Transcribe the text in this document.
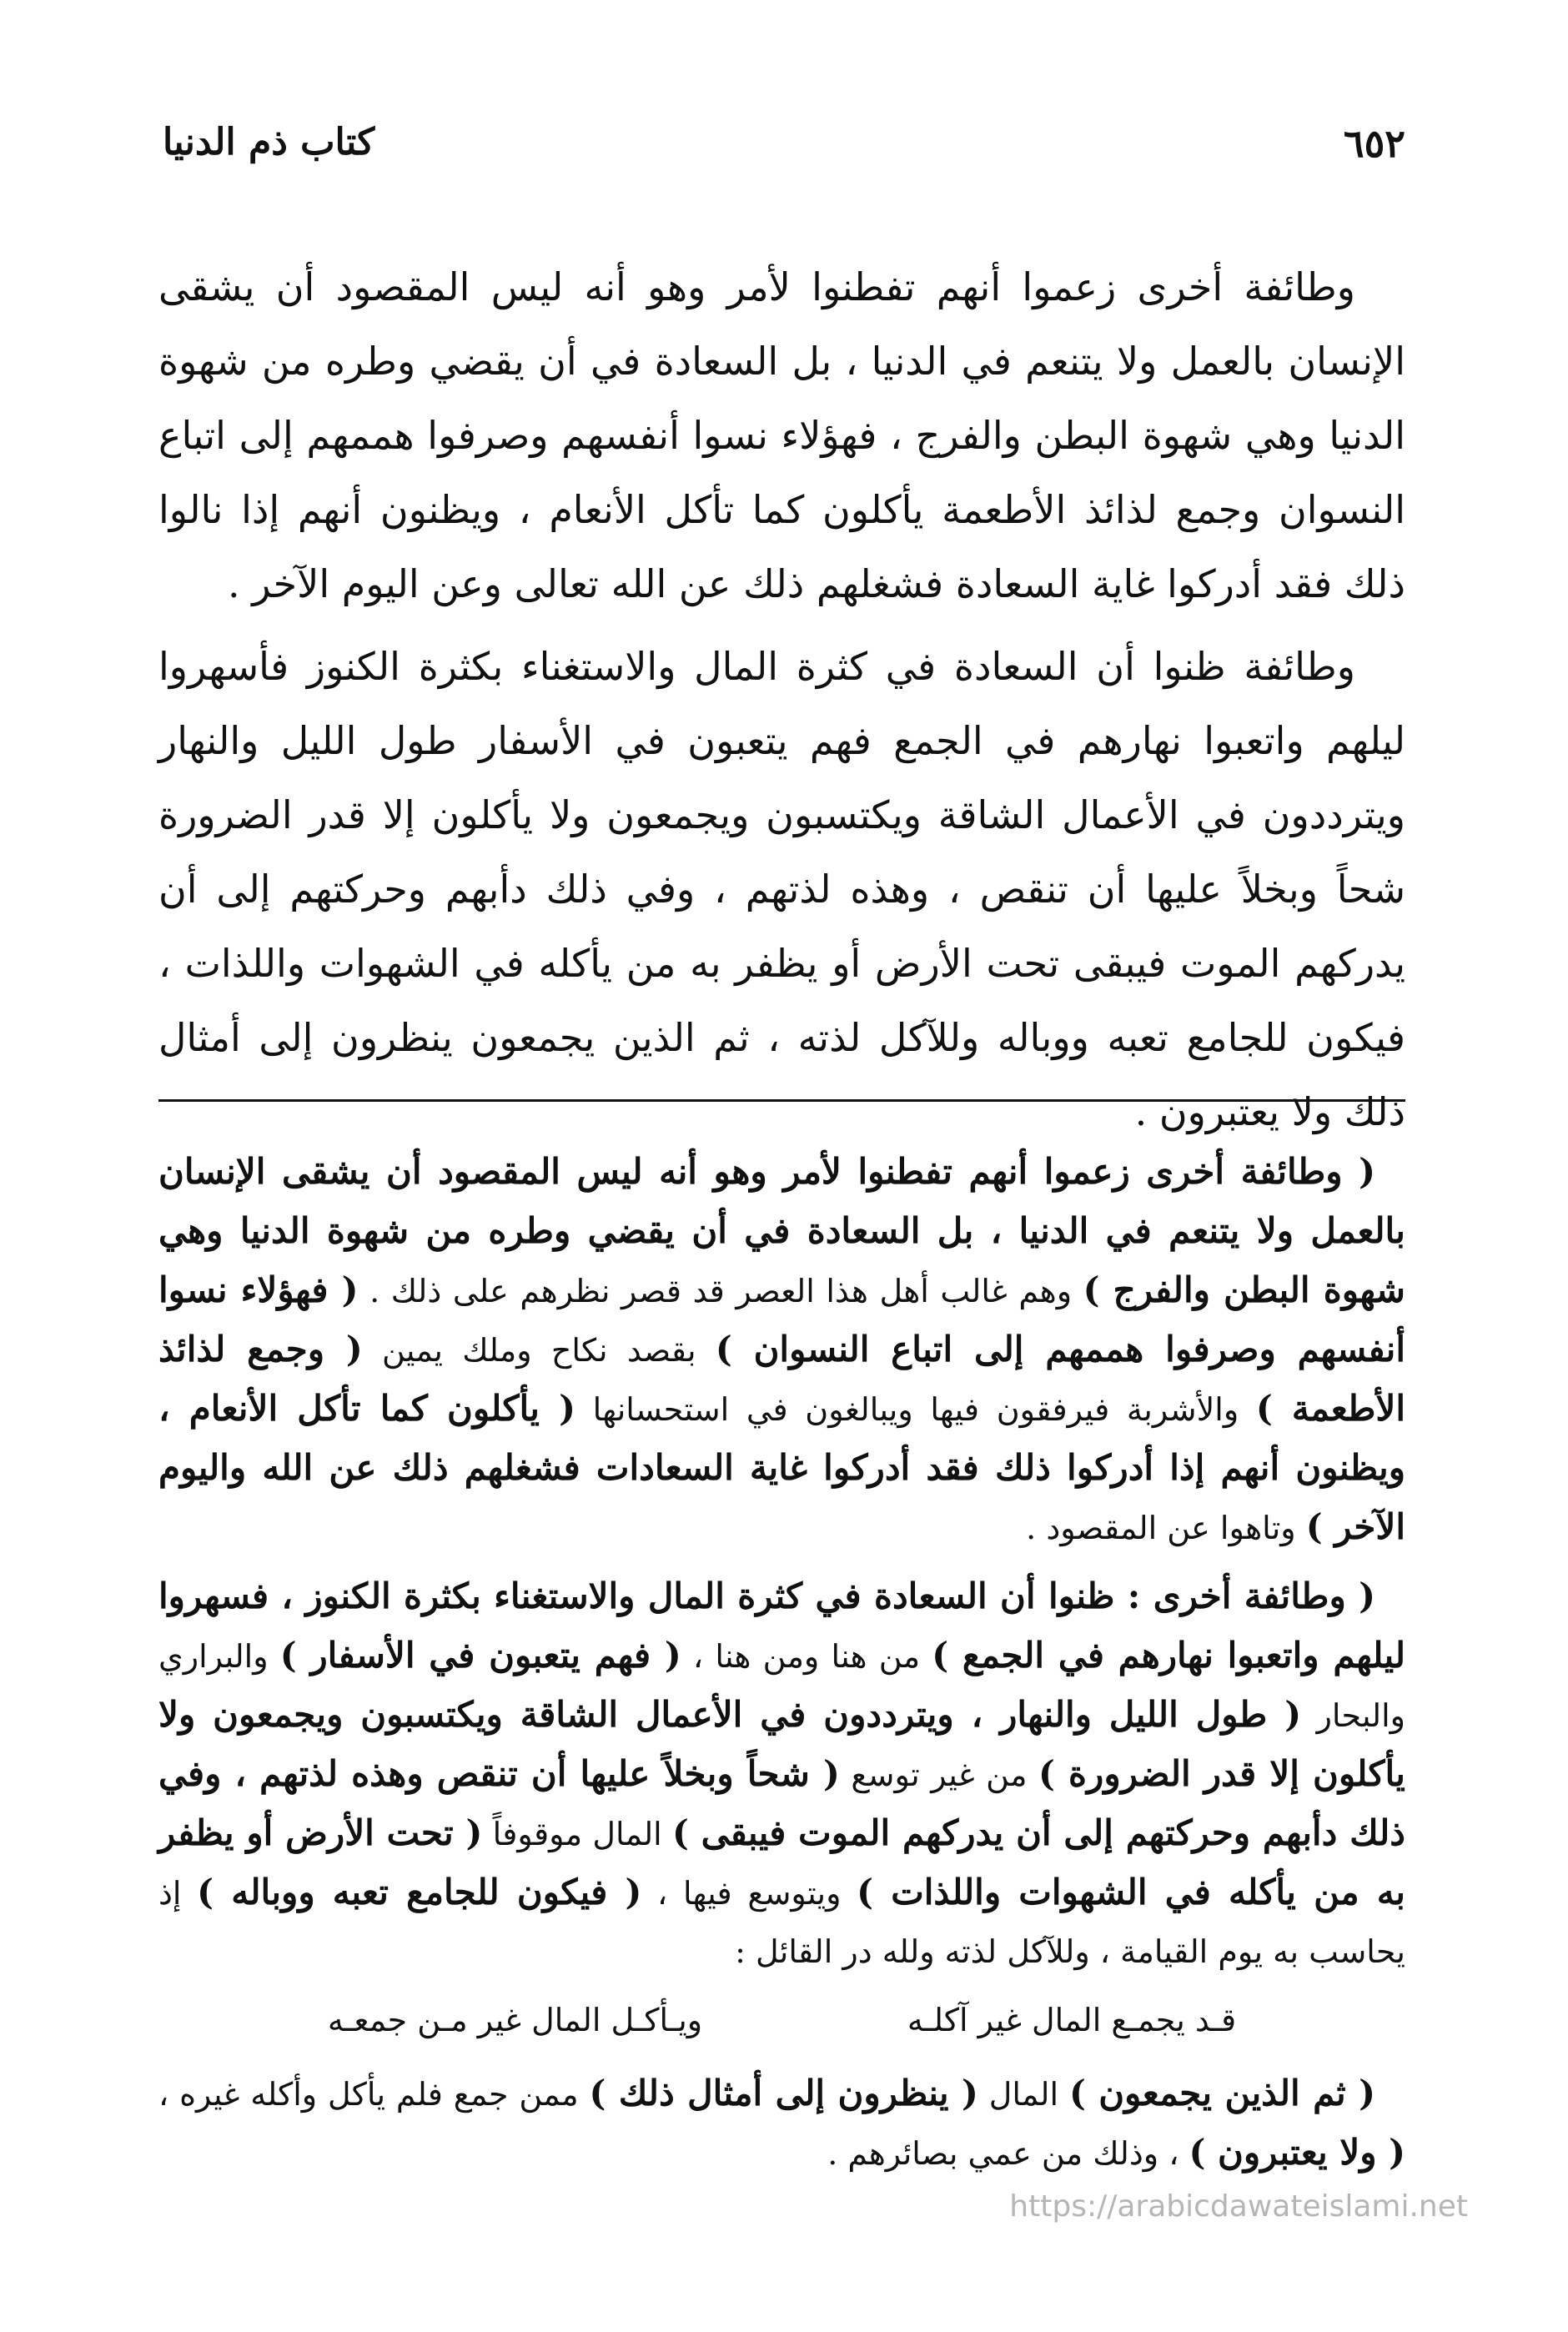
٦٥٢
كتاب ذم الدنيا

وطائفة أخرى زعموا أنهم تفطنوا لأمر وهو أنه ليس المقصود أن يشقى الإنسان بالعمل ولا يتنعم في الدنيا ، بل السعادة في أن يقضي وطره من شهوة الدنيا وهي شهوة البطن والفرج ، فهؤلاء نسوا أنفسهم وصرفوا هممهم إلى اتباع النسوان وجمع لذائذ الأطعمة يأكلون كما تأكل الأنعام ، ويظنون أنهم إذا نالوا ذلك فقد أدركوا غاية السعادة فشغلهم ذلك عن الله تعالى وعن اليوم الآخر .

وطائفة ظنوا أن السعادة في كثرة المال والاستغناء بكثرة الكنوز فأسهروا ليلهم واتعبوا نهارهم في الجمع فهم يتعبون في الأسفار طول الليل والنهار ويترددون في الأعمال الشاقة ويكتسبون ويجمعون ولا يأكلون إلا قدر الضرورة شحاً وبخلاً عليها أن تنقص ، وهذه لذتهم ، وفي ذلك دأبهم وحركتهم إلى أن يدركهم الموت فيبقى تحت الأرض أو يظفر به من يأكله في الشهوات واللذات ، فيكون للجامع تعبه ووباله وللآكل لذته ، ثم الذين يجمعون ينظرون إلى أمثال ذلك ولا يعتبرون .

( وطائفة أخرى زعموا أنهم تفطنوا لأمر وهو أنه ليس المقصود أن يشقى الإنسان بالعمل ولا يتنعم في الدنيا ، بل السعادة في أن يقضي وطره من شهوة الدنيا وهي شهوة البطن والفرج ) وهم غالب أهل هذا العصر قد قصر نظرهم على ذلك . ( فهؤلاء نسوا أنفسهم وصرفوا هممهم إلى اتباع النسوان ) بقصد نكاح وملك يمين ( وجمع لذائذ الأطعمة ) والأشربة فيرفقون فيها ويبالغون في استحسانها ( يأكلون كما تأكل الأنعام ، ويظنون أنهم إذا أدركوا ذلك فقد أدركوا غاية السعادات فشغلهم ذلك عن الله واليوم الآخر ) وتاهوا عن المقصود .

( وطائفة أخرى : ظنوا أن السعادة في كثرة المال والاستغناء بكثرة الكنوز ، فسهروا ليلهم واتعبوا نهارهم في الجمع ) من هنا ومن هنا ، ( فهم يتعبون في الأسفار ) والبراري والبحار ( طول الليل والنهار ، ويترددون في الأعمال الشاقة ويكتسبون ويجمعون ولا يأكلون إلا قدر الضرورة ) من غير توسع ( شحاً وبخلاً عليها أن تنقص وهذه لذتهم ، وفي ذلك دأبهم وحركتهم إلى أن يدركهم الموت فيبقى ) المال موقوفاً ( تحت الأرض أو يظفر به من يأكله في الشهوات واللذات ) ويتوسع فيها ، ( فيكون للجامع تعبه ووباله ) إذ يحاسب به يوم القيامة ، وللآكل لذته ولله در القائل :

قـد يجمـع المال غير آكلـه
ويـأكـل المال غير مـن جمعـه

( ثم الذين يجمعون ) المال ( ينظرون إلى أمثال ذلك ) ممن جمع فلم يأكل وأكله غيره ، ( ولا يعتبرون ) ، وذلك من عمي بصائرهم .

https://arabicdawateislami.net
